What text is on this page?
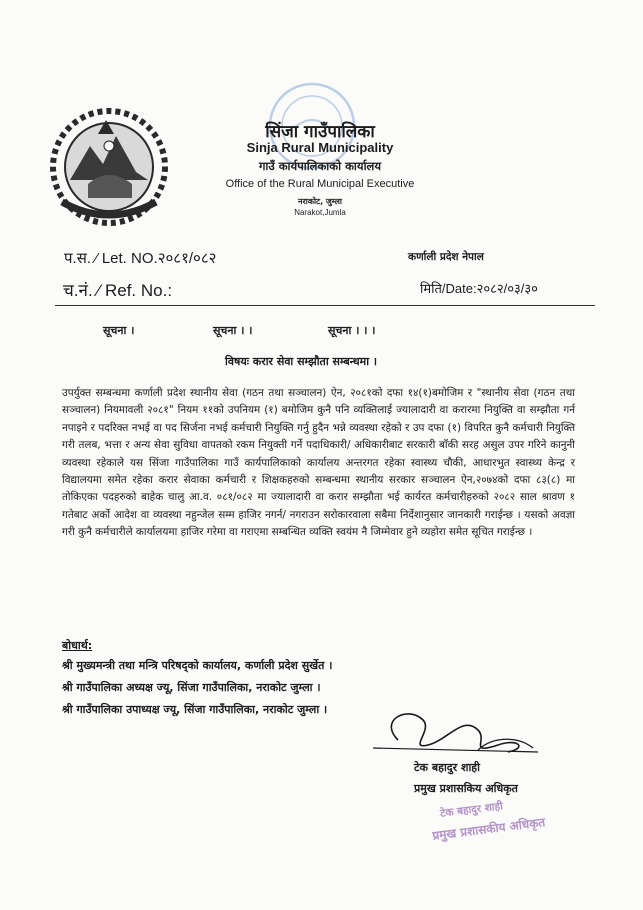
सिंजा गाउँपालिका
Sinja Rural Municipality
गाउँ कार्यपालिकाको कार्यालय
Office of the Rural Municipal Executive
नराकोट, जुम्ला
Narakot,Jumla
प.स. ⁄ Let. NO.२०८१/०८२
च.नं. ⁄ Ref. No.:
कर्णाली प्रदेश नेपाल
मिति/Date:२०८२/०३/३०
सूचना ।	सूचना । ।	सूचना । । ।
विषयः करार सेवा सम्झौता सम्बन्धमा ।
उपर्युक्त सम्बन्धमा कर्णाली प्रदेश स्थानीय सेवा (गठन तथा सञ्चालन) ऐन, २०८१को दफा १४(१)बमोजिम र "स्थानीय सेवा (गठन तथा सञ्चालन) नियमावली २०८१" नियम ११को उपनियम (१) बमोजिम कुनै पनि व्यक्तिलाई ज्यालादारी वा करारमा नियुक्ति वा सम्झौता गर्न नपाइने र पदरिक्त नभई वा पद सिर्जना नभई कर्मचारी नियुक्ति गर्नु हुदैन भन्ने व्यवस्था रहेको र उप दफा (१) विपरित कुनै कर्मचारी नियुक्ति गरी तलब, भत्ता र अन्य सेवा सुविधा वापतको रकम नियुक्ती गर्ने पदाधिकारी/ अधिकारीबाट सरकारी बाँकी सरह असुल उपर गरिने कानुनी व्यवस्था रहेकाले यस सिंजा गाउँपालिका गाउँ कार्यपालिकाको कार्यालय अन्तरगत रहेका स्वास्थ्य चौकी, आधारभुत स्वास्थ्य केन्द्र र विद्यालयमा समेत रहेका करार सेवाका कर्मचारी र शिक्षकहरुको सम्बन्धमा स्थानीय सरकार सञ्चालन ऐन,२०७४को दफा ८३(८) मा तोकिएका पदहरुको बाहेक चालु आ.व. ०८१/०८२ मा ज्यालादारी वा करार सम्झौता भई कार्यरत कर्मचारीहरुको २०८२ साल श्रावण १ गतेबाट अर्को आदेश वा व्यवस्था नहुन्जेल सम्म हाजिर नगर्न/ नगराउन सरोकारवाला सबैमा निर्देशानुसार जानकारी गराईन्छ । यसको अवज्ञा गरी कुनै कर्मचारीले कार्यालयमा हाजिर गरेमा वा गराएमा सम्बन्धित व्यक्ति स्वयंम नै जिम्मेवार हुने व्यहोरा समेत सूचित गराईन्छ ।
बोधार्थ:
श्री मुख्यमन्त्री तथा मन्त्रि परिषद्को कार्यालय, कर्णाली प्रदेश सुर्खेत ।
श्री गाउँपालिका अध्यक्ष ज्यू, सिंजा गाउँपालिका, नराकोट जुम्ला ।
श्री गाउँपालिका उपाध्यक्ष ज्यू, सिंजा गाउँपालिका, नराकोट जुम्ला ।
टेक बहादुर शाही
प्रमुख प्रशासकिय अधिकृत
टेक बहादुर शाही
प्रमुख प्रशासकीय अधिकृत
